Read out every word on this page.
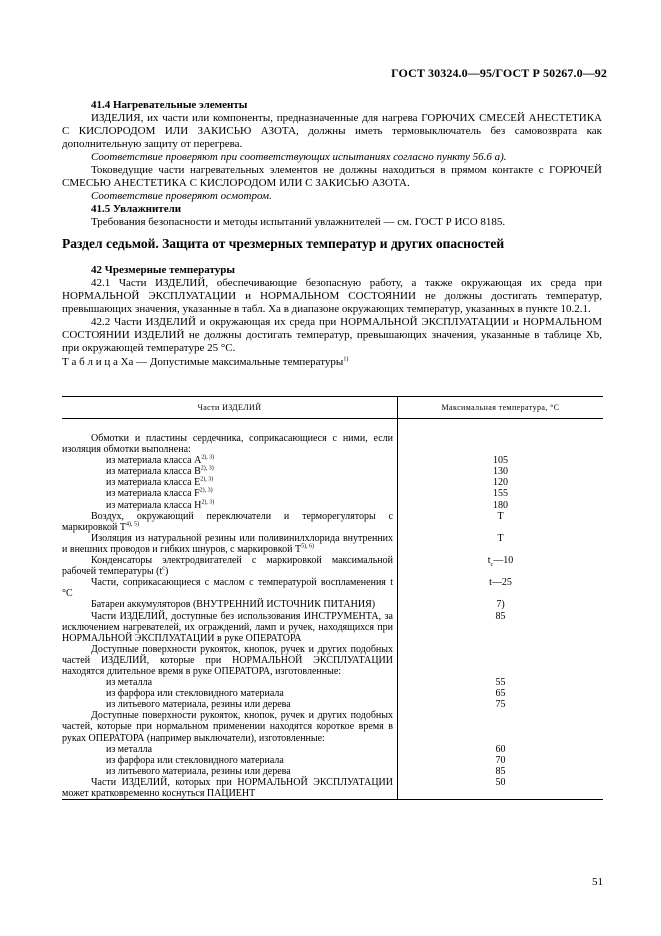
ГОСТ 30324.0—95/ГОСТ Р 50267.0—92

41.4 Нагревательные элементы

ИЗДЕЛИЯ, их части или компоненты, предназначенные для нагрева ГОРЮЧИХ СМЕСЕЙ АНЕСТЕТИКА С КИСЛОРОДОМ ИЛИ ЗАКИСЬЮ АЗОТА, должны иметь термовыключатель без самовозврата как дополнительную защиту от перегрева.

Соответствие проверяют при соответствующих испытаниях согласно пункту 56.6 а).

Токоведущие части нагревательных элементов не должны находиться в прямом контакте с ГОРЮЧЕЙ СМЕСЬЮ АНЕСТЕТИКА С КИСЛОРОДОМ ИЛИ С ЗАКИСЬЮ АЗОТА.

Соответствие проверяют осмотром.

41.5 Увлажнители

Требования безопасности и методы испытаний увлажнителей — см. ГОСТ Р ИСО 8185.

Раздел седьмой. Защита от чрезмерных температур и других опасностей

42 Чрезмерные температуры

42.1 Части ИЗДЕЛИЙ, обеспечивающие безопасную работу, а также окружающая их среда при НОРМАЛЬНОЙ ЭКСПЛУАТАЦИИ и НОРМАЛЬНОМ СОСТОЯНИИ не должны достигать температур, превышающих значения, указанные в табл. Ха в диапазоне окружающих температур, указанных в пункте 10.2.1.

42.2 Части ИЗДЕЛИЙ и окружающая их среда при НОРМАЛЬНОЙ ЭКСПЛУАТАЦИИ и НОРМАЛЬНОМ СОСТОЯНИИ ИЗДЕЛИЙ не должны достигать температур, превышающих значения, указанные в таблице Xb, при окружающей температуре 25 °С.

Т а б л и ц а Ха — Допустимые максимальные температуры$^{1)}$

Части ИЗДЕЛИЙ	Максимальная температура, °С

Обмотки и пластины сердечника, соприкасающиеся с ними, если изоляция обмотки выполнена:	

из материала класса $A^{2), 3)}$	105

из материала класса $B^{2), 3)}$	130

из материала класса $E^{2), 3)}$	120

из материала класса $F^{2), 3)}$	155

из материала класса $H^{2), 3)}$	180

Воздух, окружающий переключатели и терморегуляторы с маркировкой $T^{4), 5)}$	T

Изоляция из натуральной резины или поливинилхлорида внутренних и внешних проводов и гибких шнуров, с маркировкой $T^{5), 6)}$	T

Конденсаторы электродвигателей с маркировкой максимальной рабочей температуры $(t^c)$	$t_c—10$

Части, соприкасающиеся с маслом с температурой воспламенения t °С	t—25

Батареи аккумуляторов (ВНУТРЕННИЙ ИСТОЧНИК ПИТАНИЯ)	7)

Части ИЗДЕЛИЙ, доступные без использования ИНСТРУМЕНТА, за исключением нагревателей, их ограждений, ламп и ручек, находящихся при НОРМАЛЬНОЙ ЭКСПЛУАТАЦИИ в руке ОПЕРАТОРА	85

Доступные поверхности рукояток, кнопок, ручек и других подобных частей ИЗДЕЛИЙ, которые при НОРМАЛЬНОЙ ЭКСПЛУАТАЦИИ находятся длительное время в руке ОПЕРАТОРА, изготовленные:	

из металла	55

из фарфора или стекловидного материала	65

из литьевого материала, резины или дерева	75

Доступные поверхности рукояток, кнопок, ручек и других подобных частей, которые при нормальном применении находятся короткое время в руках ОПЕРАТОРА (например выключатели), изготовленные:	

из металла	60

из фарфора или стекловидного материала	70

из литьевого материала, резины или дерева	85

Части ИЗДЕЛИЙ, которых при НОРМАЛЬНОЙ ЭКСПЛУАТАЦИИ может кратковременно коснуться ПАЦИЕНТ	50
51
